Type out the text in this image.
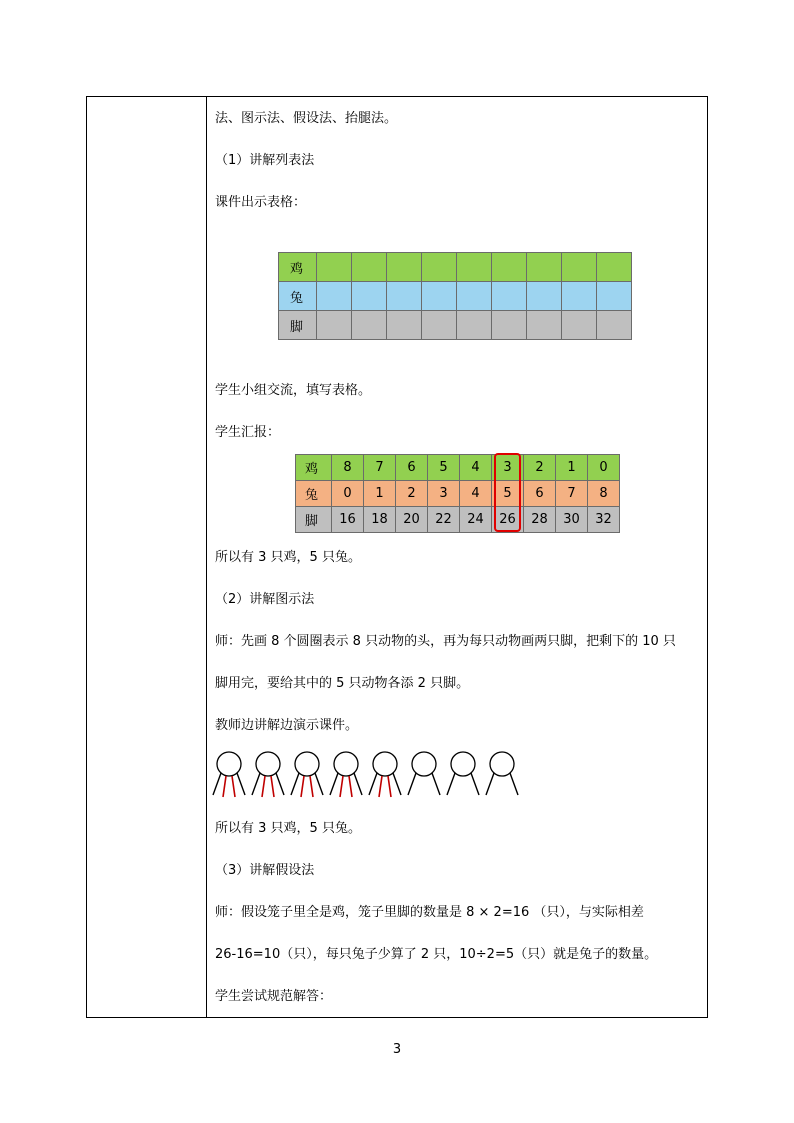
法、图示法、假设法、抬腿法。
（1）讲解列表法
课件出示表格：
鸡									
兔									
脚									
学生小组交流，填写表格。
学生汇报：
鸡	8	7	6	5	4	3	2	1	0
兔	0	1	2	3	4	5	6	7	8
脚	16	18	20	22	24	26	28	30	32
所以有 3 只鸡，5 只兔。
（2）讲解图示法
师：先画 8 个圆圈表示 8 只动物的头，再为每只动物画两只脚，把剩下的 10 只
脚用完，要给其中的 5 只动物各添 2 只脚。
教师边讲解边演示课件。
所以有 3 只鸡，5 只兔。
（3）讲解假设法
师：假设笼子里全是鸡，笼子里脚的数量是 8 × 2=16 （只），与实际相差
26-16=10（只），每只兔子少算了 2 只，10÷2=5（只）就是兔子的数量。
学生尝试规范解答：
3
